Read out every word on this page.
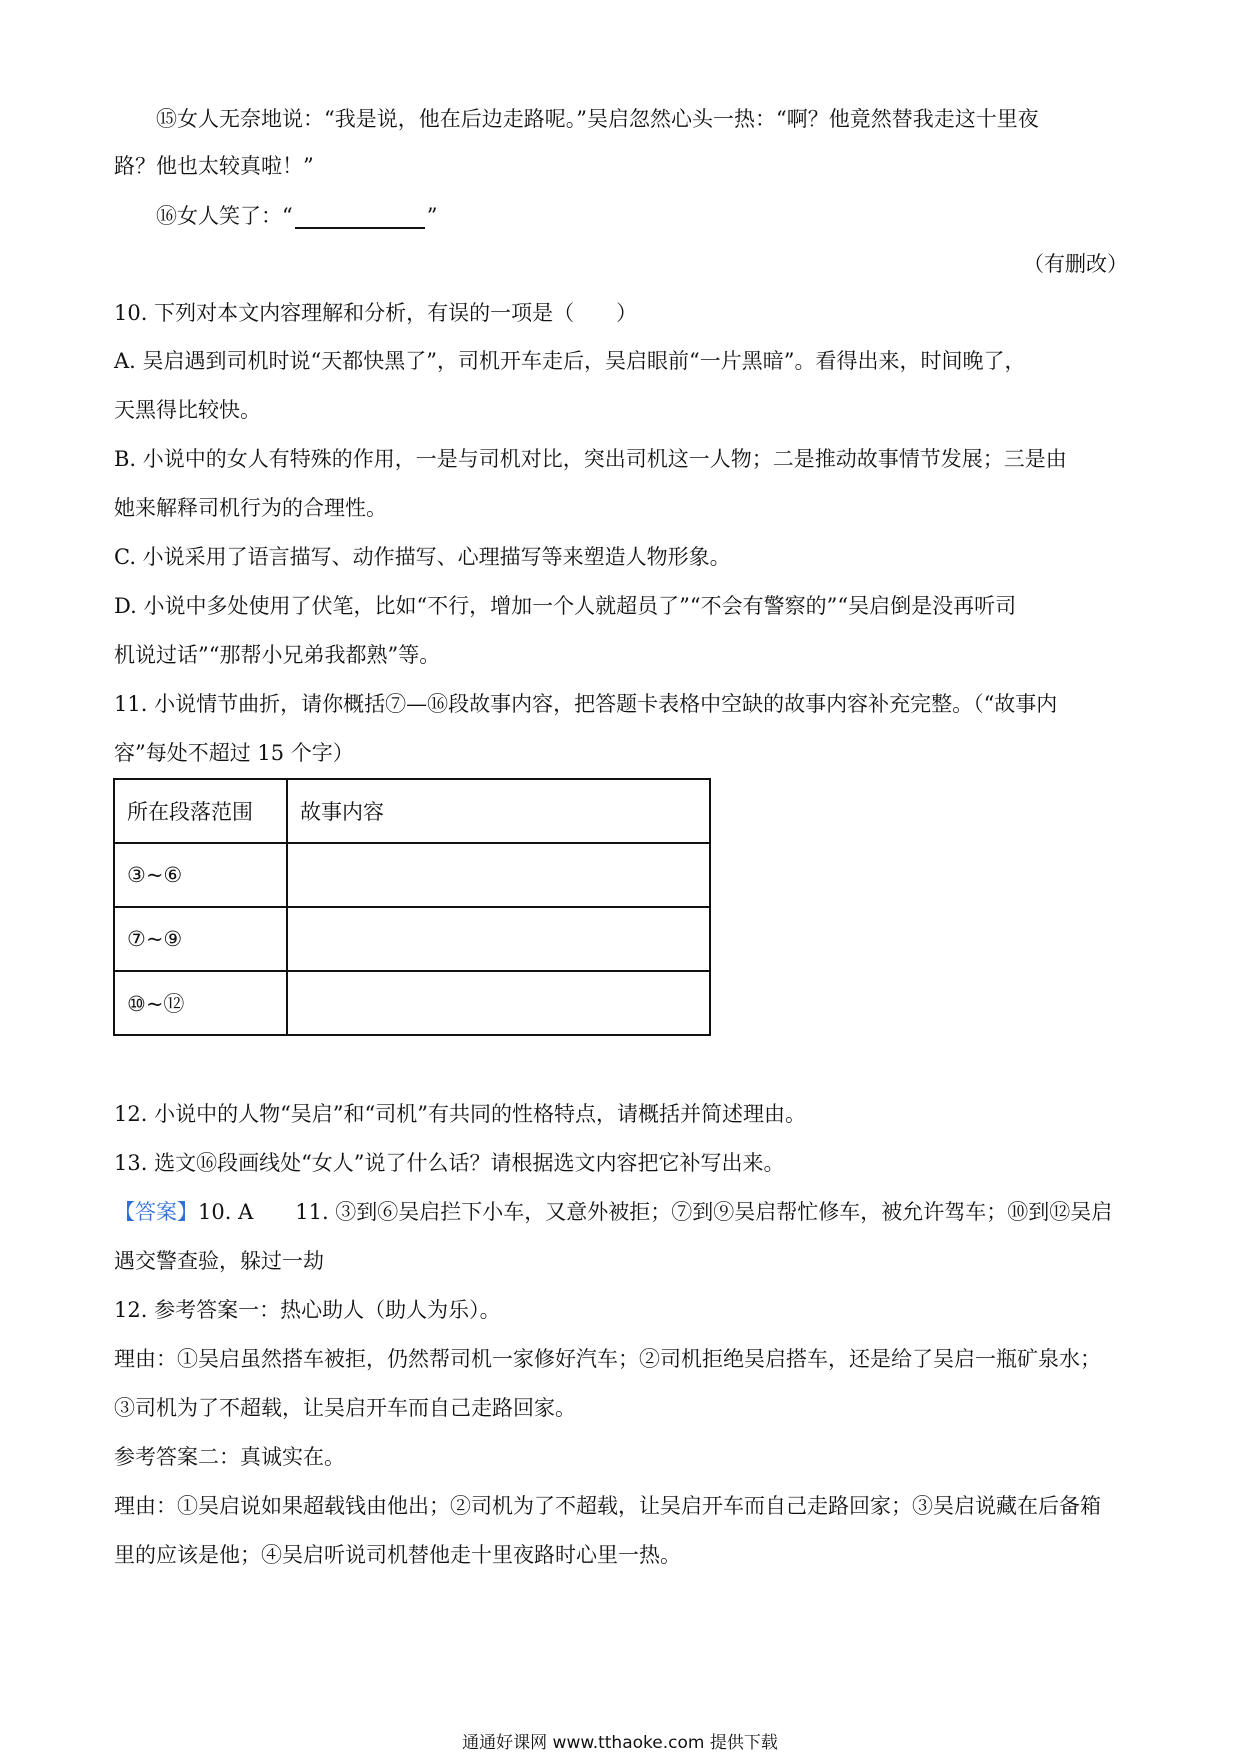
⑮女人无奈地说：“我是说，他在后边走路呢。”吴启忽然心头一热：“啊？他竟然替我走这十里夜
路？他也太较真啦！”
⑯女人笑了：“	”
（有删改）
10. 下列对本文内容理解和分析，有误的一项是（　　）
A. 吴启遇到司机时说“天都快黑了”，司机开车走后，吴启眼前“一片黑暗”。看得出来，时间晚了，
天黑得比较快。
B. 小说中的女人有特殊的作用，一是与司机对比，突出司机这一人物；二是推动故事情节发展；三是由
她来解释司机行为的合理性。
C. 小说采用了语言描写、动作描写、心理描写等来塑造人物形象。
D. 小说中多处使用了伏笔，比如“不行，增加一个人就超员了”“不会有警察的”“吴启倒是没再听司
机说过话”“那帮小兄弟我都熟”等。
11. 小说情节曲折，请你概括⑦—⑯段故事内容，把答题卡表格中空缺的故事内容补充完整。（“故事内
容”每处不超过 15 个字）
所在段落范围	故事内容
③~⑥	
⑦~⑨	
⑩~⑫	
12. 小说中的人物“吴启”和“司机”有共同的性格特点，请概括并简述理由。
13. 选文⑯段画线处“女人”说了什么话？请根据选文内容把它补写出来。
【答案】10. A　　11. ③到⑥吴启拦下小车，又意外被拒；⑦到⑨吴启帮忙修车，被允许驾车；⑩到⑫吴启
遇交警查验，躲过一劫
12. 参考答案一：热心助人（助人为乐）。
理由：①吴启虽然搭车被拒，仍然帮司机一家修好汽车；②司机拒绝吴启搭车，还是给了吴启一瓶矿泉水；
③司机为了不超载，让吴启开车而自己走路回家。
参考答案二：真诚实在。
理由：①吴启说如果超载钱由他出；②司机为了不超载，让吴启开车而自己走路回家；③吴启说藏在后备箱
里的应该是他；④吴启听说司机替他走十里夜路时心里一热。
通通好课网 www.tthaoke.com 提供下载
